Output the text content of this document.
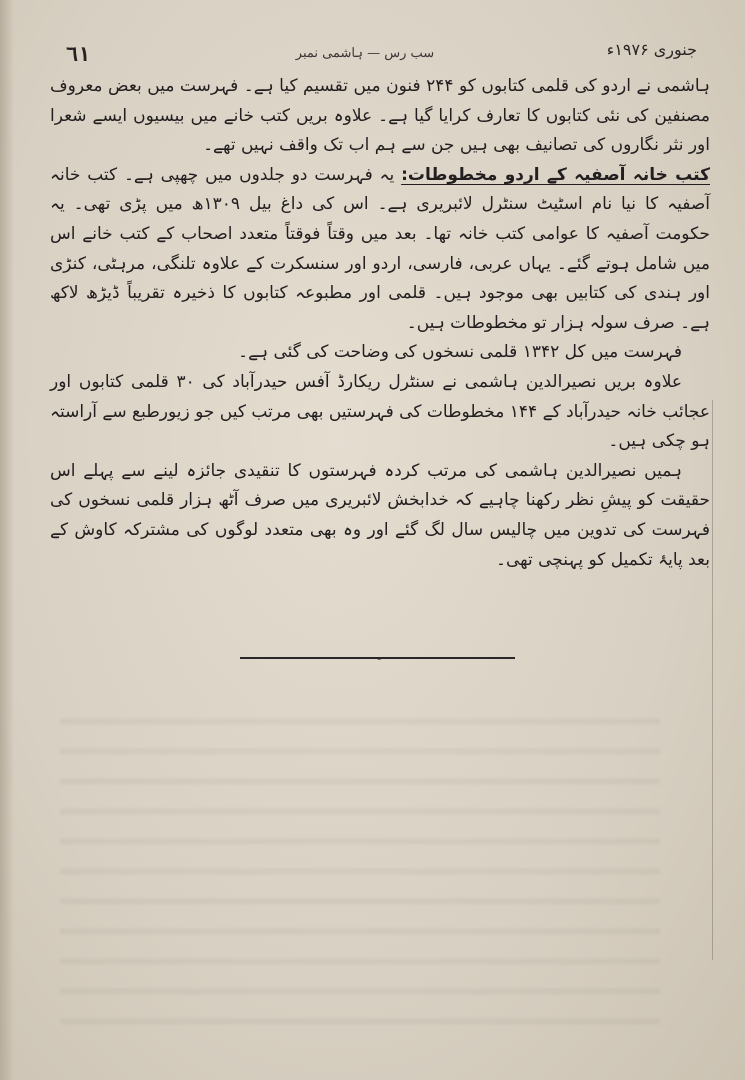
٦١	سب رس — ہاشمی نمبر	جنوری ۱۹۷۶ء

ہاشمی نے اردو کی قلمی کتابوں کو ۲۴۴ فنون میں تقسیم کیا ہے۔ فہرست میں بعض معروف مصنفین کی نئی کتابوں کا تعارف کرایا گیا ہے۔ علاوہ بریں کتب خانے میں بیسیوں ایسے شعرا اور نثر نگاروں کی تصانیف بھی ہیں جن سے ہم اب تک واقف نہیں تھے۔

کتب خانہ آصفیہ کے اردو مخطوطات: یہ فہرست دو جلدوں میں چھپی ہے۔ کتب خانہ آصفیہ کا نیا نام اسٹیٹ سنٹرل لائبریری ہے۔ اس کی داغ بیل ۱۳۰۹ھ میں پڑی تھی۔ یہ حکومت آصفیہ کا عوامی کتب خانہ تھا۔ بعد میں وقتاً فوقتاً متعدد اصحاب کے کتب خانے اس میں شامل ہوتے گئے۔ یہاں عربی، فارسی، اردو اور سنسکرت کے علاوہ تلنگی، مرہٹی، کنڑی اور ہندی کی کتابیں بھی موجود ہیں۔ قلمی اور مطبوعہ کتابوں کا ذخیرہ تقریباً ڈیڑھ لاکھ ہے۔ صرف سولہ ہزار تو مخطوطات ہیں۔

فہرست میں کل ۱۳۴۲ قلمی نسخوں کی وضاحت کی گئی ہے۔

علاوہ بریں نصیرالدین ہاشمی نے سنٹرل ریکارڈ آفس حیدرآباد کی ۳۰ قلمی کتابوں اور عجائب خانہ حیدرآباد کے ۱۴۴ مخطوطات کی فہرستیں بھی مرتب کیں جو زیورطبع سے آراستہ ہو چکی ہیں۔

ہمیں نصیرالدین ہاشمی کی مرتب کردہ فہرستوں کا تنقیدی جائزہ لینے سے پہلے اس حقیقت کو پیشِ نظر رکھنا چاہیے کہ خدابخش لائبریری میں صرف آٹھ ہزار قلمی نسخوں کی فہرست کی تدوین میں چالیس سال لگ گئے اور وہ بھی متعدد لوگوں کی مشترکہ کاوش کے بعد پایۂ تکمیل کو پہنچی تھی۔

〜
